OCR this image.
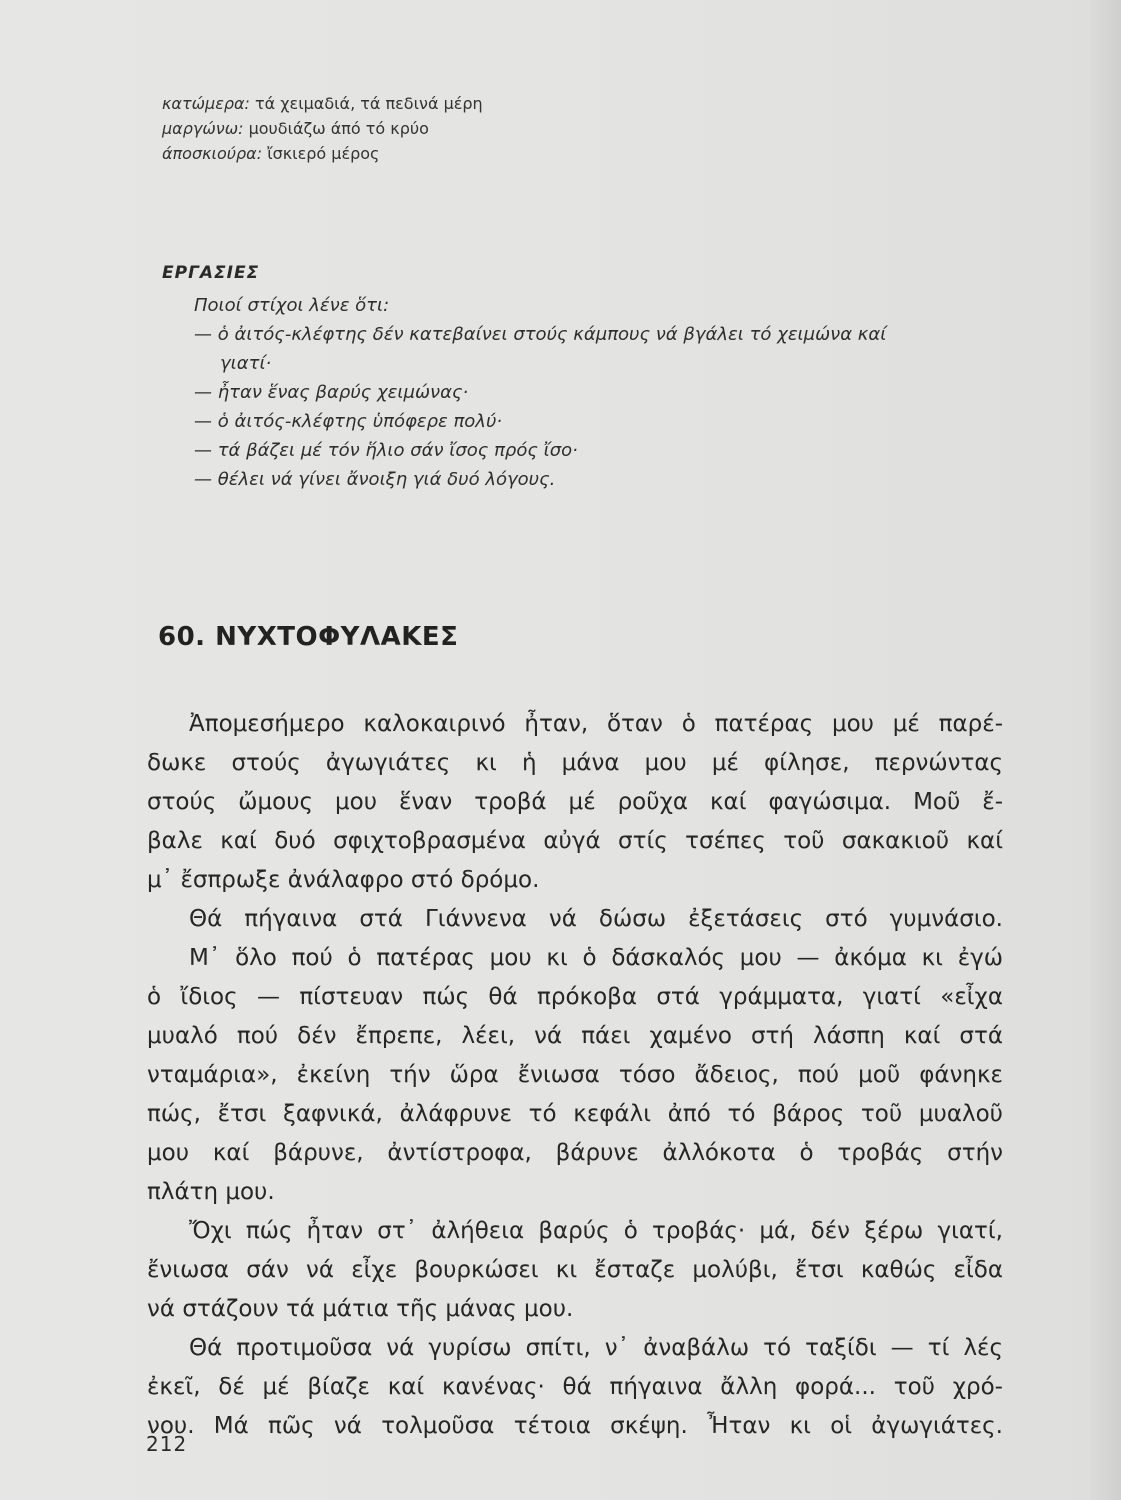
κατώμερα: τά χειμαδιά, τά πεδινά μέρη
μαργώνω: μουδιάζω άπό τό κρύο
άποσκιούρα: ἴσκιερό μέρος
ΕΡΓΑΣΙΕΣ
Ποιοί στίχοι λένε ὅτι:
— ὁ ἀιτός-κλέφτης δέν κατεβαίνει στούς κάμπους νά βγάλει τό χειμώνα καί
γιατί·
— ἦταν ἕνας βαρύς χειμώνας·
— ὁ ἀιτός-κλέφτης ὑπόφερε πολύ·
— τά βάζει μέ τόν ἥλιο σάν ἴσος πρός ἴσο·
— θέλει νά γίνει ἄνοιξη γιά δυό λόγους.
60. ΝΥΧΤΟΦΥΛΑΚΕΣ
Ἀπομεσήμερο καλοκαιρινό ἦταν, ὅταν ὁ πατέρας μου μέ παρέ-
δωκε στούς ἀγωγιάτες κι ἡ μάνα μου μέ φίλησε, περνώντας
στούς ὤμους μου ἕναν τροβά μέ ροῦχα καί φαγώσιμα. Μοῦ ἔ-
βαλε καί δυό σφιχτοβρασμένα αὐγά στίς τσέπες τοῦ σακακιοῦ καί
μ᾿ ἔσπρωξε ἀνάλαφρο στό δρόμο.
Θά πήγαινα στά Γιάννενα νά δώσω ἐξετάσεις στό γυμνάσιο.
Μ᾿ ὅλο πού ὁ πατέρας μου κι ὁ δάσκαλός μου — ἀκόμα κι ἐγώ
ὁ ἴδιος — πίστευαν πώς θά πρόκοβα στά γράμματα, γιατί «εἶχα
μυαλό πού δέν ἔπρεπε, λέει, νά πάει χαμένο στή λάσπη καί στά
νταμάρια», ἐκείνη τήν ὥρα ἔνιωσα τόσο ἄδειος, πού μοῦ φάνηκε
πώς, ἔτσι ξαφνικά, ἀλάφρυνε τό κεφάλι ἀπό τό βάρος τοῦ μυαλοῦ
μου καί βάρυνε, ἀντίστροφα, βάρυνε ἀλλόκοτα ὁ τροβάς στήν
πλάτη μου.
Ὄχι πώς ἦταν στ᾿ ἀλήθεια βαρύς ὁ τροβάς· μά, δέν ξέρω γιατί,
ἔνιωσα σάν νά εἶχε βουρκώσει κι ἔσταζε μολύβι, ἔτσι καθώς εἶδα
νά στάζουν τά μάτια τῆς μάνας μου.
Θά προτιμοῦσα νά γυρίσω σπίτι, ν᾿ ἀναβάλω τό ταξίδι — τί λές
ἐκεῖ, δέ μέ βίαζε καί κανένας· θά πήγαινα ἄλλη φορά... τοῦ χρό-
νου. Μά πῶς νά τολμοῦσα τέτοια σκέψη. Ἦταν κι οἱ ἀγωγιάτες.
212
